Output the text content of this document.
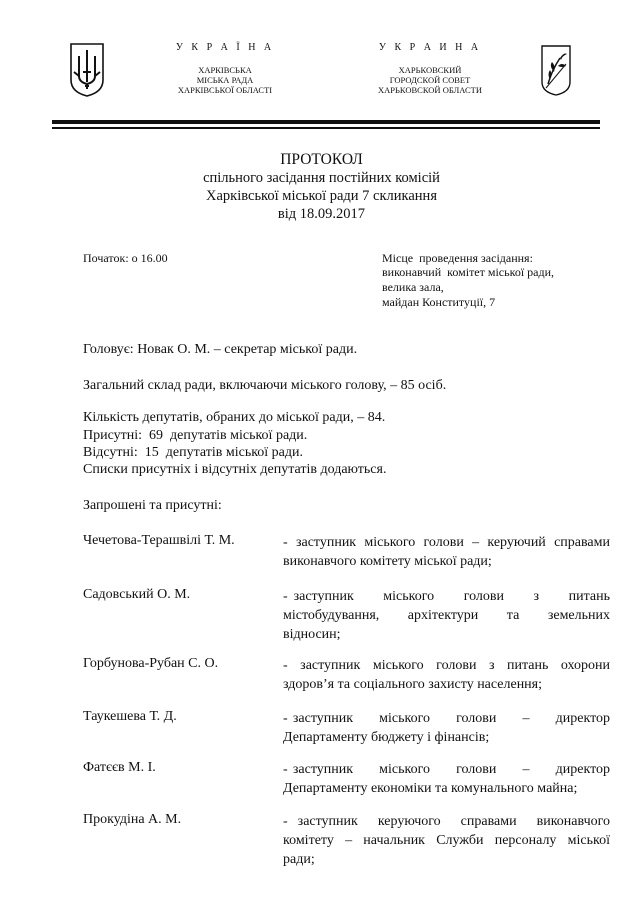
У К Р А Ї Н А
ХАРКІВСЬКА
МІСЬКА РАДА
ХАРКІВСЬКОЇ ОБЛАСТІ
У К Р А И Н А
ХАРЬКОВСКИЙ
ГОРОДСКОЙ СОВЕТ
ХАРЬКОВСКОЙ ОБЛАСТИ
ПРОТОКОЛ
спільного засідання постійних комісій
Харківської міської ради 7 скликання
від 18.09.2017
Початок: о 16.00	Місце  проведення засідання:
виконавчий  комітет міської ради,
велика зала,
майдан Конституції, 7
Головує: Новак О. М. – секретар міської ради.
Загальний склад ради, включаючи міського голову, – 85 осіб.
Кількість депутатів, обраних до міської ради, – 84.
Присутні:  69  депутатів міської ради.
Відсутні:  15  депутатів міської ради.
Списки присутніх і відсутніх депутатів додаються.
Запрошені та присутні:
Чечетова-Терашвілі Т. М.	- заступник міського голови – керуючий справами
виконавчого комітету міської ради;
Садовський О. М.	- заступник     міського     голови     з     питань
містобудування,    архітектури    та    земельних
відносин;
Горбунова-Рубан С. О.	- заступник міського голови з питань охорони
здоров’я та соціального захисту населення;
Таукешева Т. Д.	- заступник     міського     голови     –     директор
Департаменту бюджету і фінансів;
Фатєєв М. І.	- заступник     міського     голови     –     директор
Департаменту економіки та комунального майна;
Прокудіна А. М.	- заступник  керуючого  справами  виконавчого
комітету – начальник Служби персоналу міської
ради;
